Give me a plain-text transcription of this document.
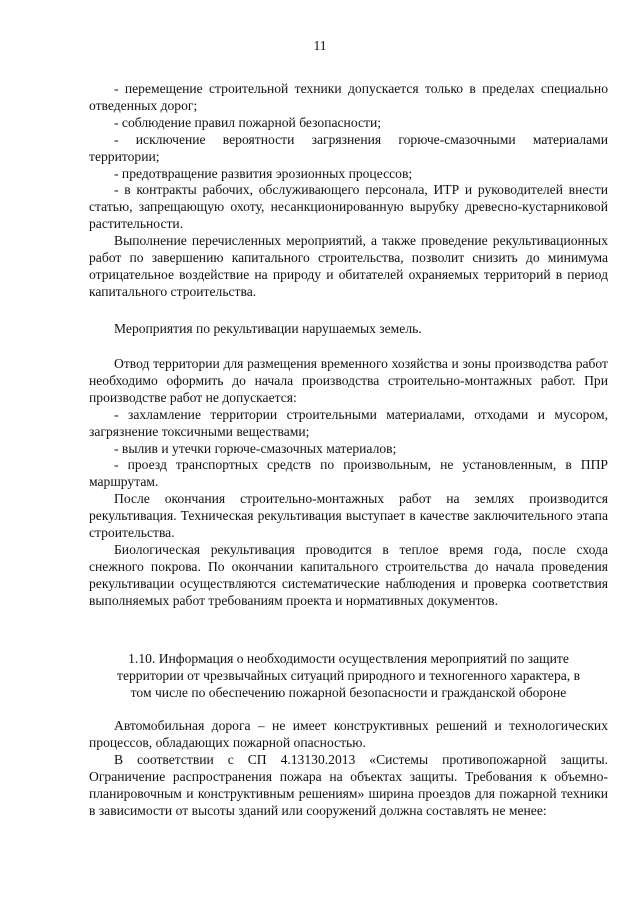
11

- перемещение строительной техники допускается только в пределах специально отведенных дорог;

- соблюдение правил пожарной безопасности;

- исключение вероятности загрязнения горюче-смазочными материалами территории;

- предотвращение развития эрозионных процессов;

- в контракты рабочих, обслуживающего персонала, ИТР и руководителей внести статью, запрещающую охоту, несанкционированную вырубку древесно-кустарниковой растительности.

Выполнение перечисленных мероприятий, а также проведение рекультивационных работ по завершению капитального строительства, позволит снизить до минимума отрицательное воздействие на природу и обитателей охраняемых территорий в период капитального строительства.

Мероприятия по рекультивации нарушаемых земель.

Отвод территории для размещения временного хозяйства и зоны производства работ необходимо оформить до начала производства строительно-монтажных работ. При производстве работ не допускается:

- захламление территории строительными материалами, отходами и мусором, загрязнение токсичными веществами;

- вылив и утечки горюче-смазочных материалов;

- проезд транспортных средств по произвольным, не установленным, в ППР маршрутам.

После окончания строительно-монтажных работ на землях производится рекультивация. Техническая рекультивация выступает в качестве заключительного этапа строительства.

Биологическая рекультивация проводится в теплое время года, после схода снежного покрова. По окончании капитального строительства до начала проведения рекультивации осуществляются систематические наблюдения и проверка соответствия выполняемых работ требованиям проекта и нормативных документов.

1.10. Информация о необходимости осуществления мероприятий по защите
территории от чрезвычайных ситуаций природного и техногенного характера, в
том числе по обеспечению пожарной безопасности и гражданской обороне

Автомобильная дорога – не имеет конструктивных решений и технологических процессов, обладающих пожарной опасностью.

В соответствии с СП 4.13130.2013 «Системы противопожарной защиты. Ограничение распространения пожара на объектах защиты. Требования к объемно-планировочным и конструктивным решениям» ширина проездов для пожарной техники в зависимости от высоты зданий или сооружений должна составлять не менее:
